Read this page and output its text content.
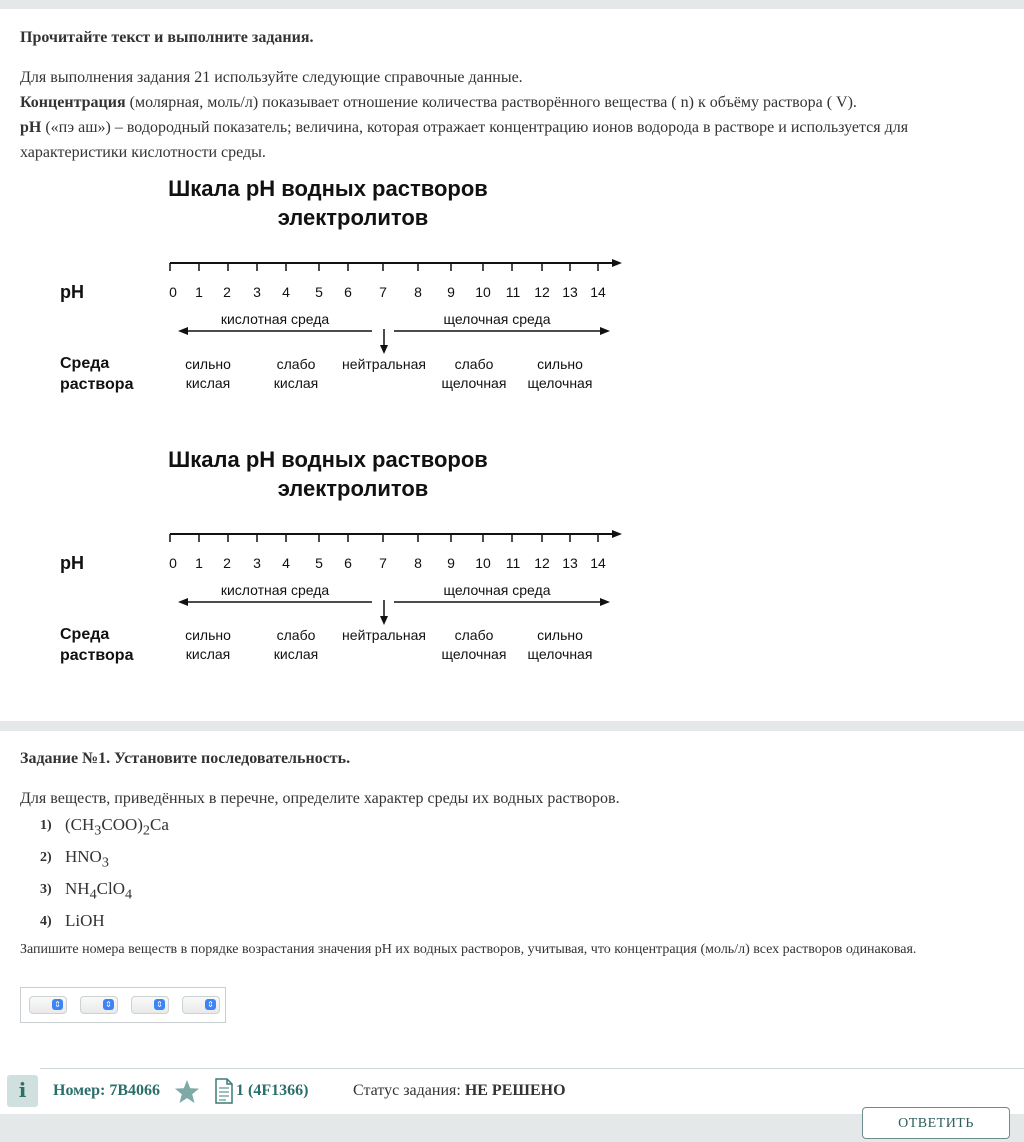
Прочитайте текст и выполните задания.
Для выполнения задания 21 используйте следующие справочные данные.
Концентрация (молярная, моль/л) показывает отношение количества растворённого вещества ( n) к объёму раствора ( V).
pH («пэ аш») – водородный показатель; величина, которая отражает концентрацию ионов водорода в растворе и используется для характеристики кислотности среды.
Шкала pH водных растворов
электролитов
pH	0 1 2 3 4 5 6 7 8 9 10 11 12 13 14
кислотная среда	щелочная среда
Среда
раствора
сильно
кислая
слабо
кислая
нейтральная слабо
щелочная
сильно
щелочная
Шкала pH водных растворов
электролитов
pH	0 1 2 3 4 5 6 7 8 9 10 11 12 13 14
кислотная среда	щелочная среда
Среда
раствора
сильно
кислая
слабо
кислая
нейтральная слабо
щелочная
сильно
щелочная
Задание №1. Установите последовательность.
Для веществ, приведённых в перечне, определите характер среды их водных растворов.
1) $(CH_3COO)_2Ca$
2) $HNO_3$
3) $NH_4ClO_4$
4) LiOH
Запишите номера веществ в порядке возрастания значения pH их водных растворов, учитывая, что концентрация (моль/л) всех растворов одинаковая.
⇕	⇕	⇕	⇕
i	Номер: 7B4066	1 (4F1366)	Статус задания: НЕ РЕШЕНО
ОТВЕТИТЬ
